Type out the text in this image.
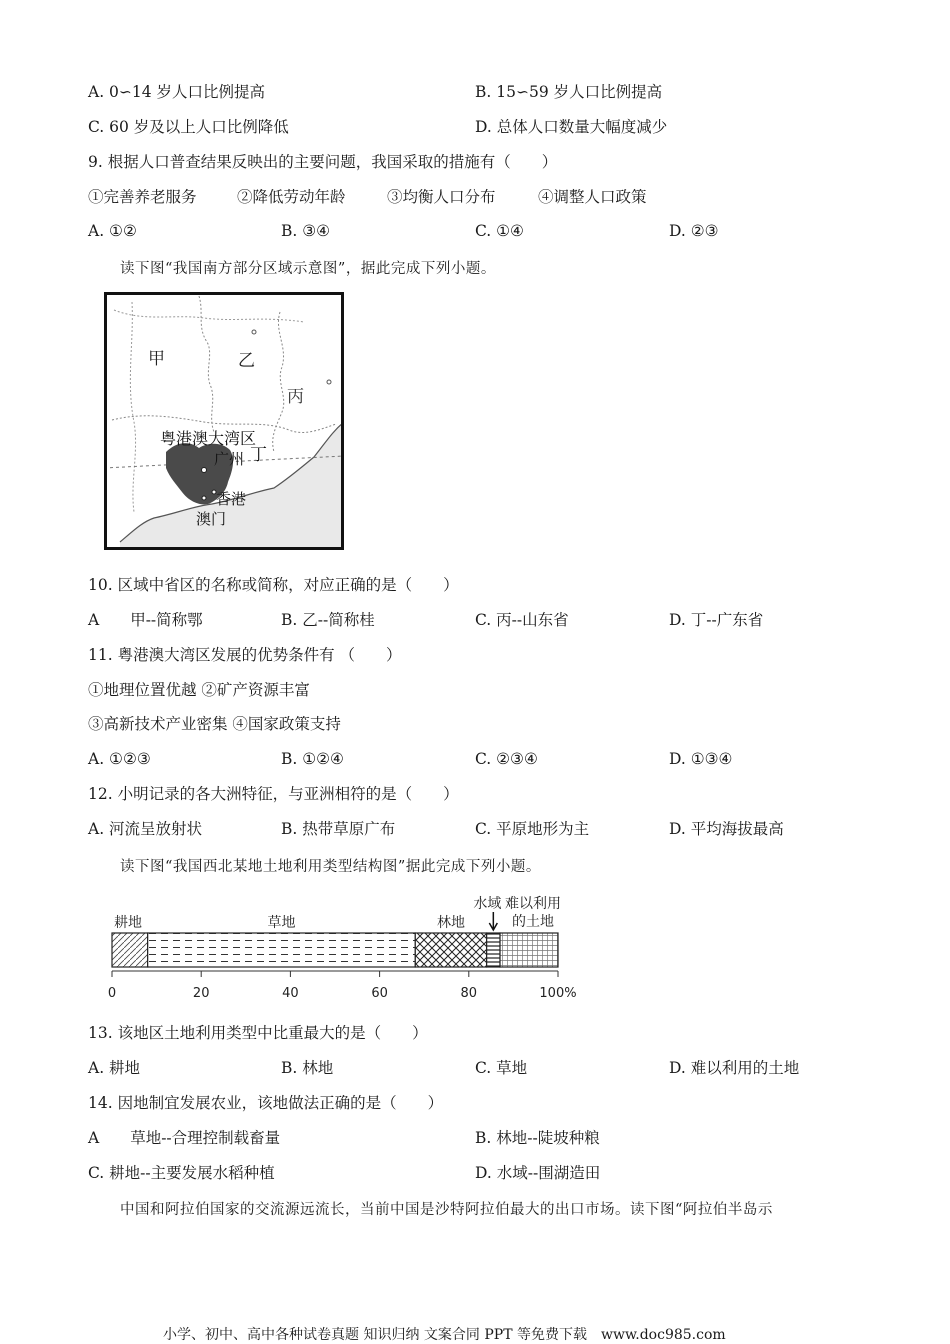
A. 0∽14 岁人口比例提高	B. 15∽59 岁人口比例提高
C. 60 岁及以上人口比例降低	D. 总体人口数量大幅度减少
9. 根据人口普查结果反映出的主要问题，我国采取的措施有（　　）
①完善养老服务	②降低劳动年龄	③均衡人口分布	④调整人口政策
A. ①②	B. ③④	C. ①④	D. ②③
读下图“我国南方部分区域示意图”，据此完成下列小题。
甲	乙
丙
粤港澳大湾区
广州 丁
香港
澳门
10. 区域中省区的名称或简称，对应正确的是（　　）
A　　甲--简称鄂	B. 乙--简称桂	C. 丙--山东省	D. 丁--广东省
11. 粤港澳大湾区发展的优势条件有 （　　）
①地理位置优越 ②矿产资源丰富
③高新技术产业密集 ④国家政策支持
A. ①②③	B. ①②④	C. ②③④	D. ①③④
12. 小明记录的各大洲特征，与亚洲相符的是（　　）
A. 河流呈放射状	B. 热带草原广布	C. 平原地形为主	D. 平均海拔最高
读下图“我国西北某地土地利用类型结构图”据此完成下列小题。
耕地	草地	林地
水域 难以利用的土地
0	20	40	60	80	100%
13. 该地区土地利用类型中比重最大的是（　　）
A. 耕地	B. 林地	C. 草地	D. 难以利用的土地
14. 因地制宜发展农业，该地做法正确的是（　　）
A　　草地--合理控制载畜量	B. 林地--陡坡种粮
C. 耕地--主要发展水稻种植	D. 水域--围湖造田
中国和阿拉伯国家的交流源远流长，当前中国是沙特阿拉伯最大的出口市场。读下图“阿拉伯半岛示
小学、初中、高中各种试卷真题 知识归纳 文案合同 PPT 等免费下载　www.doc985.com
